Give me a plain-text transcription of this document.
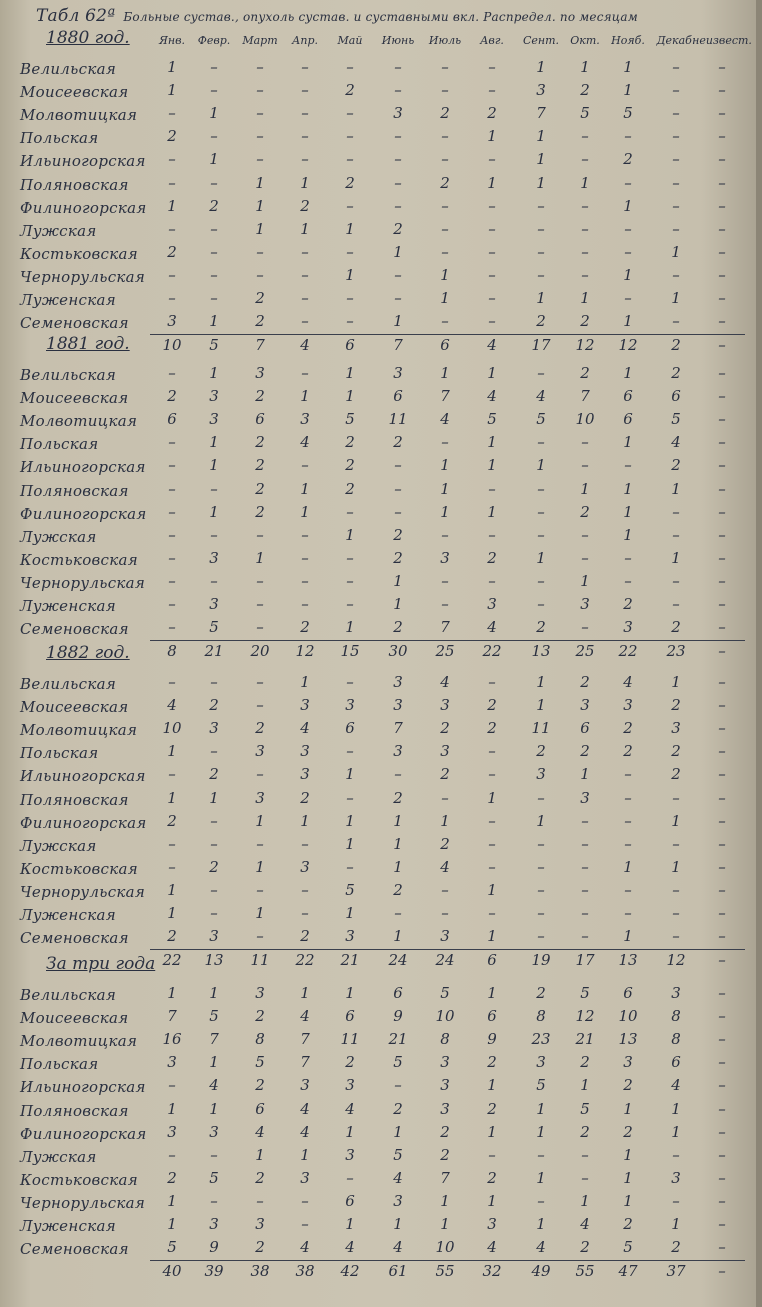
Табл 62ª Больные сустав., опухоль сустав. и суставными вкл. Распредел. по месяцам
Янв. Февр. Март Апр. Май Июнь Июль Авг. Сент. Окт. Нояб. Декаб.
неизвест.
1880 год.
Велильская	1	–	–	–	–	–	–	–	1	1	1	–	–
Моисеевская	1	–	–	–	2	–	–	–	3	2	1	–	–
Молвотицкая	–	1	–	–	–	3	2	2	7	5	5	–	–
Польская	2	–	–	–	–	–	–	1	1	–	–	–	–
Ильиногорская	–	1	–	–	–	–	–	–	1	–	2	–	–
Поляновская	–	–	1	1	2	–	2	1	1	1	–	–	–
Филиногорская	1	2	1	2	–	–	–	–	–	–	1	–	–
Лужская	–	–	1	1	1	2	–	–	–	–	–	–	–
Костьковская	2	–	–	–	–	1	–	–	–	–	–	1	–
Чернорульская	–	–	–	–	1	–	1	–	–	–	1	–	–
Луженская	–	–	2	–	–	–	1	–	1	1	–	1	–
Семеновская	3	1	2	–	–	1	–	–	2	2	1	–	–
10	5	7	4	6	7	6	4	17	12	12	2	–
1881 год.
Велильская	–	1	3	–	1	3	1	1	–	2	1	2	–
Моисеевская	2	3	2	1	1	6	7	4	4	7	6	6	–
Молвотицкая	6	3	6	3	5	11	4	5	5	10	6	5	–
Польская	–	1	2	4	2	2	–	1	–	–	1	4	–
Ильиногорская	–	1	2	–	2	–	1	1	1	–	–	2	–
Поляновская	–	–	2	1	2	–	1	–	–	1	1	1	–
Филиногорская	–	1	2	1	–	–	1	1	–	2	1	–	–
Лужская	–	–	–	–	1	2	–	–	–	–	1	–	–
Костьковская	–	3	1	–	–	2	3	2	1	–	–	1	–
Чернорульская	–	–	–	–	–	1	–	–	–	1	–	–	–
Луженская	–	3	–	–	–	1	–	3	–	3	2	–	–
Семеновская	–	5	–	2	1	2	7	4	2	–	3	2	–
8	21	20	12	15	30	25	22	13	25	22	23	–
1882 год.
Велильская	–	–	–	1	–	3	4	–	1	2	4	1	–
Моисеевская	4	2	–	3	3	3	3	2	1	3	3	2	–
Молвотицкая	10	3	2	4	6	7	2	2	11	6	2	3	–
Польская	1	–	3	3	–	3	3	–	2	2	2	2	–
Ильиногорская	–	2	–	3	1	–	2	–	3	1	–	2	–
Поляновская	1	1	3	2	–	2	–	1	–	3	–	–	–
Филиногорская	2	–	1	1	1	1	1	–	1	–	–	1	–
Лужская	–	–	–	–	1	1	2	–	–	–	–	–	–
Костьковская	–	2	1	3	–	1	4	–	–	–	1	1	–
Чернорульская	1	–	–	–	5	2	–	1	–	–	–	–	–
Луженская	1	–	1	–	1	–	–	–	–	–	–	–	–
Семеновская	2	3	–	2	3	1	3	1	–	–	1	–	–
22	13	11	22	21	24	24	6	19	17	13	12	–
За три года
Велильская	1	1	3	1	1	6	5	1	2	5	6	3	–
Моисеевская	7	5	2	4	6	9	10	6	8	12	10	8	–
Молвотицкая	16	7	8	7	11	21	8	9	23	21	13	8	–
Польская	3	1	5	7	2	5	3	2	3	2	3	6	–
Ильиногорская	–	4	2	3	3	–	3	1	5	1	2	4	–
Поляновская	1	1	6	4	4	2	3	2	1	5	1	1	–
Филиногорская	3	3	4	4	1	1	2	1	1	2	2	1	–
Лужская	–	–	1	1	3	5	2	–	–	–	1	–	–
Костьковская	2	5	2	3	–	4	7	2	1	–	1	3	–
Чернорульская	1	–	–	–	6	3	1	1	–	1	1	–	–
Луженская	1	3	3	–	1	1	1	3	1	4	2	1	–
Семеновская	5	9	2	4	4	4	10	4	4	2	5	2	–
40	39	38	38	42	61	55	32	49	55	47	37	–
